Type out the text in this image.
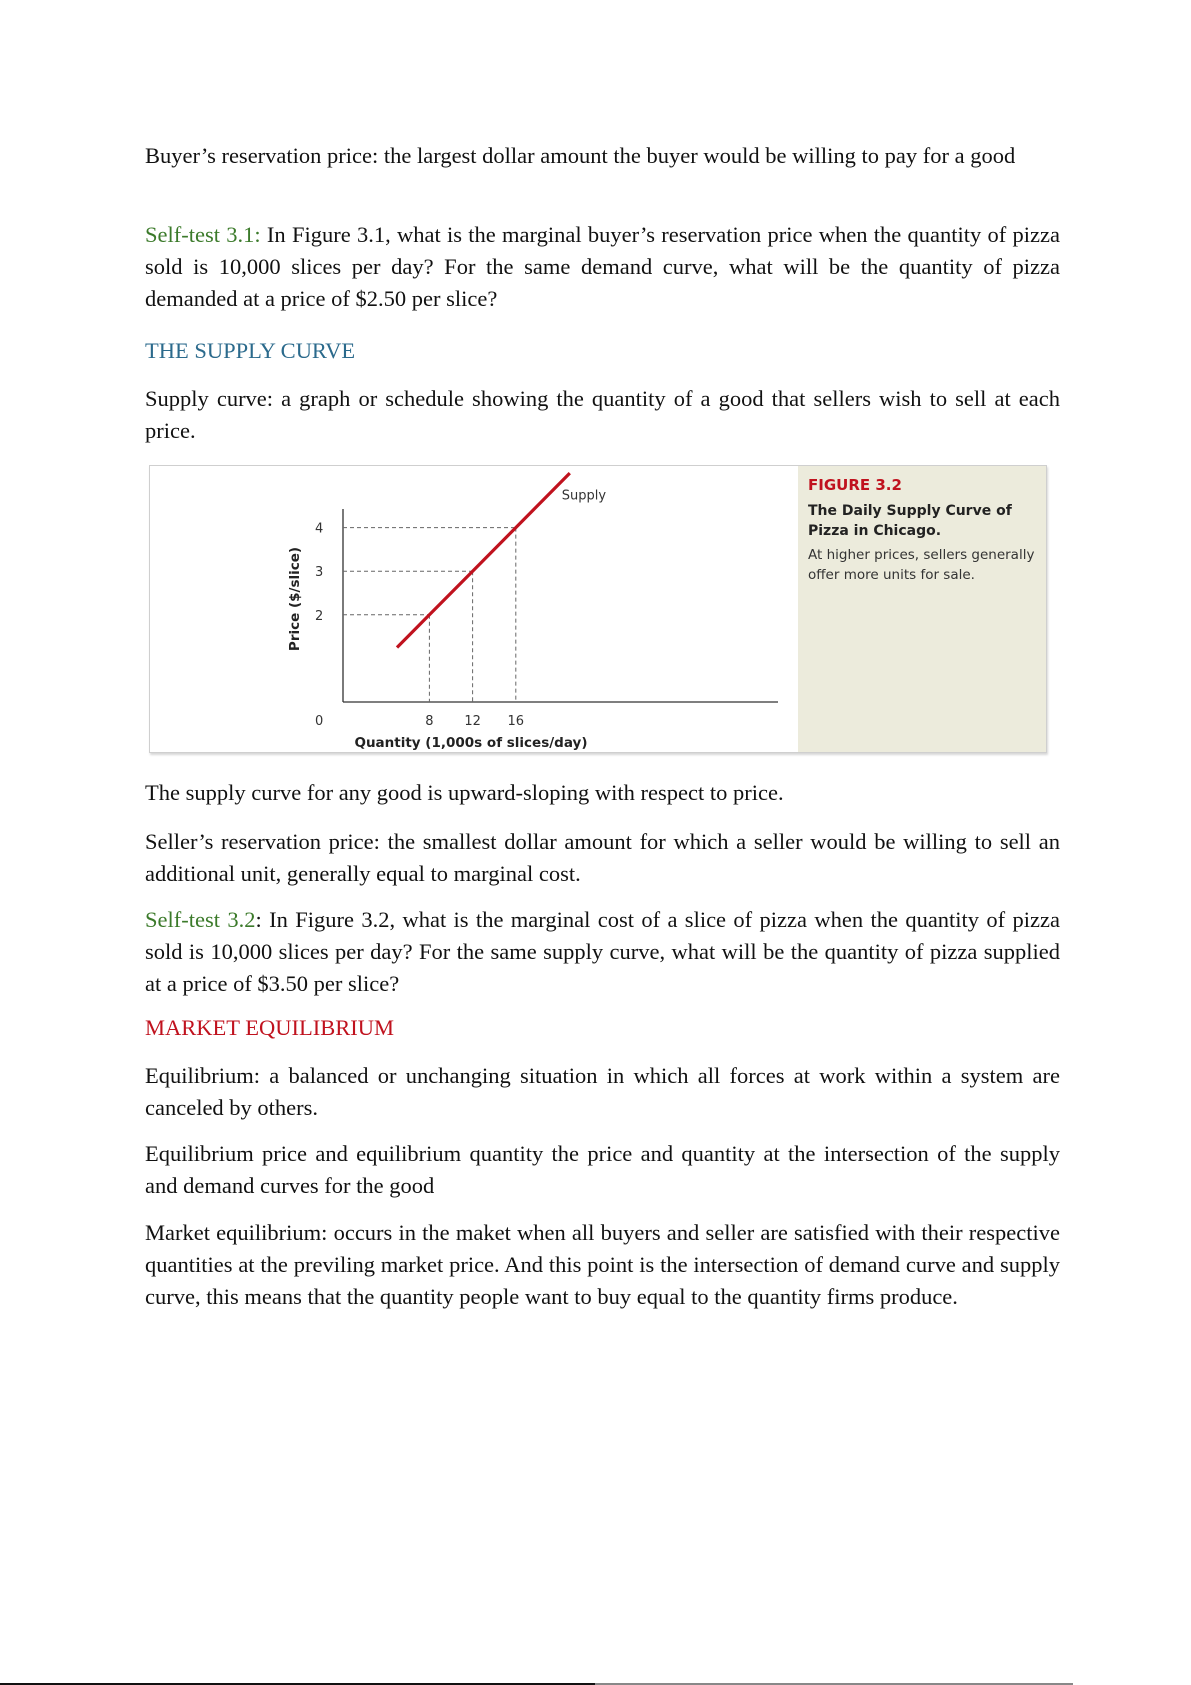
Buyer’s reservation price: the largest dollar amount the buyer would be willing to pay for a good

Self-test 3.1: In Figure 3.1, what is the marginal buyer’s reservation price when the quantity of pizza sold is 10,000 slices per day? For the same demand curve, what will be the quantity of pizza demanded at a price of $2.50 per slice?

THE SUPPLY CURVE

Supply curve: a graph or schedule showing the quantity of a good that sellers wish to sell at each price.

Supply
2
3
4
8 12 16
0
Quantity (1,000s of slices/day)
Price ($/slice)
FIGURE 3.2
The Daily Supply Curve of Pizza in Chicago.
At higher prices, sellers generally offer more units for sale.

The supply curve for any good is upward-sloping with respect to price.

Seller’s reservation price: the smallest dollar amount for which a seller would be willing to sell an additional unit, generally equal to marginal cost.

Self-test 3.2: In Figure 3.2, what is the marginal cost of a slice of pizza when the quantity of pizza sold is 10,000 slices per day? For the same supply curve, what will be the quantity of pizza supplied at a price of $3.50 per slice?

MARKET EQUILIBRIUM

Equilibrium: a balanced or unchanging situation in which all forces at work within a system are canceled by others.

Equilibrium price and equilibrium quantity the price and quantity at the intersection of the supply and demand curves for the good

Market equilibrium: occurs in the maket when all buyers and seller are satisfied with their respective quantities at the previling market price. And this point is the intersection of demand curve and supply curve, this means that the quantity people want to buy equal to the quantity firms produce.
